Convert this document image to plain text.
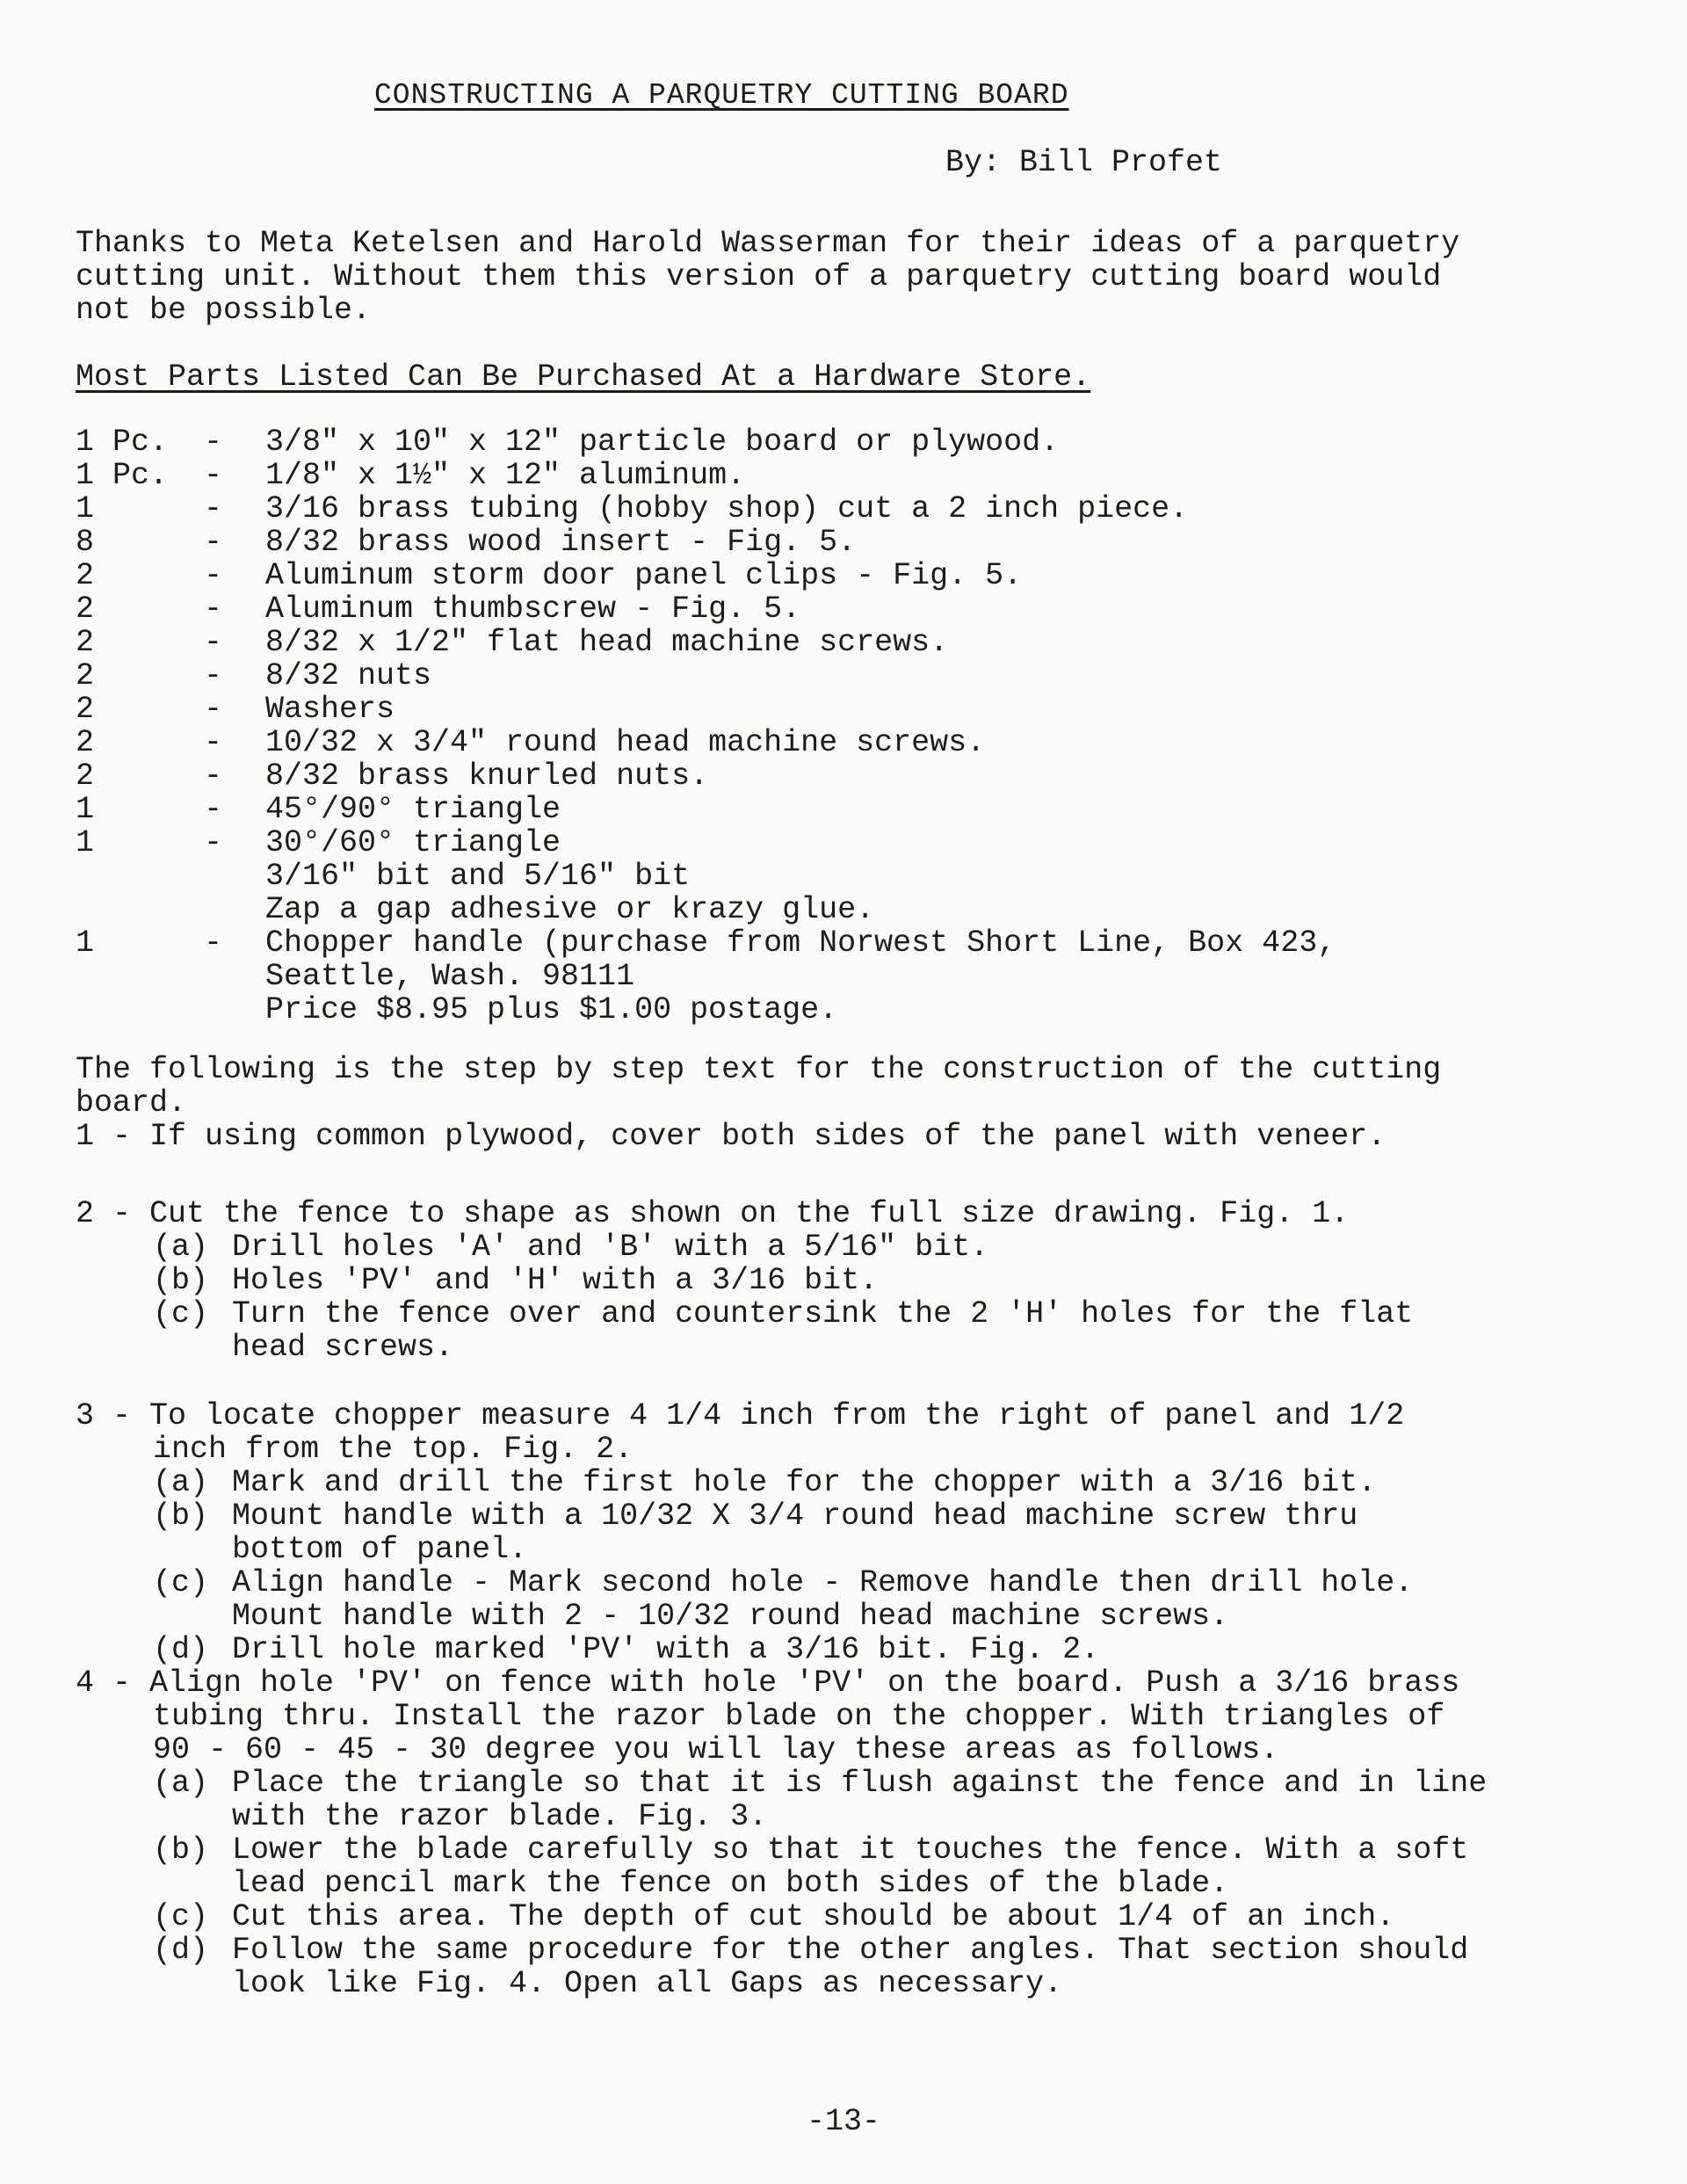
CONSTRUCTING A PARQUETRY CUTTING BOARD
By: Bill Profet
Thanks to Meta Ketelsen and Harold Wasserman for their ideas of a parquetry
cutting unit. Without them this version of a parquetry cutting board would
not be possible.
Most Parts Listed Can Be Purchased At a Hardware Store.
1 Pc.	-	3/8" x 10" x 12" particle board or plywood.
1 Pc.	-	1/8" x 1½" x 12" aluminum.
1	-	3/16 brass tubing (hobby shop) cut a 2 inch piece.
8	-	8/32 brass wood insert - Fig. 5.
2	-	Aluminum storm door panel clips - Fig. 5.
2	-	Aluminum thumbscrew - Fig. 5.
2	-	8/32 x 1/2" flat head machine screws.
2	-	8/32 nuts
2	-	Washers
2	-	10/32 x 3/4" round head machine screws.
2	-	8/32 brass knurled nuts.
1	-	45°/90° triangle
1	-	30°/60° triangle
3/16" bit and 5/16" bit
Zap a gap adhesive or krazy glue.
1	-	Chopper handle (purchase from Norwest Short Line, Box 423,
Seattle, Wash. 98111
Price $8.95 plus $1.00 postage.
The following is the step by step text for the construction of the cutting
board.
1 - If using common plywood, cover both sides of the panel with veneer.
2 - Cut the fence to shape as shown on the full size drawing. Fig. 1.
(a) Drill holes 'A' and 'B' with a 5/16" bit.
(b) Holes 'PV' and 'H' with a 3/16 bit.
(c) Turn the fence over and countersink the 2 'H' holes for the flat
head screws.
3 - To locate chopper measure 4 1/4 inch from the right of panel and 1/2
inch from the top. Fig. 2.
(a) Mark and drill the first hole for the chopper with a 3/16 bit.
(b) Mount handle with a 10/32 X 3/4 round head machine screw thru
bottom of panel.
(c) Align handle - Mark second hole - Remove handle then drill hole.
Mount handle with 2 - 10/32 round head machine screws.
(d) Drill hole marked 'PV' with a 3/16 bit. Fig. 2.
4 - Align hole 'PV' on fence with hole 'PV' on the board. Push a 3/16 brass
tubing thru. Install the razor blade on the chopper. With triangles of
90 - 60 - 45 - 30 degree you will lay these areas as follows.
(a) Place the triangle so that it is flush against the fence and in line
with the razor blade. Fig. 3.
(b) Lower the blade carefully so that it touches the fence. With a soft
lead pencil mark the fence on both sides of the blade.
(c) Cut this area. The depth of cut should be about 1/4 of an inch.
(d) Follow the same procedure for the other angles. That section should
look like Fig. 4. Open all Gaps as necessary.
-13-
